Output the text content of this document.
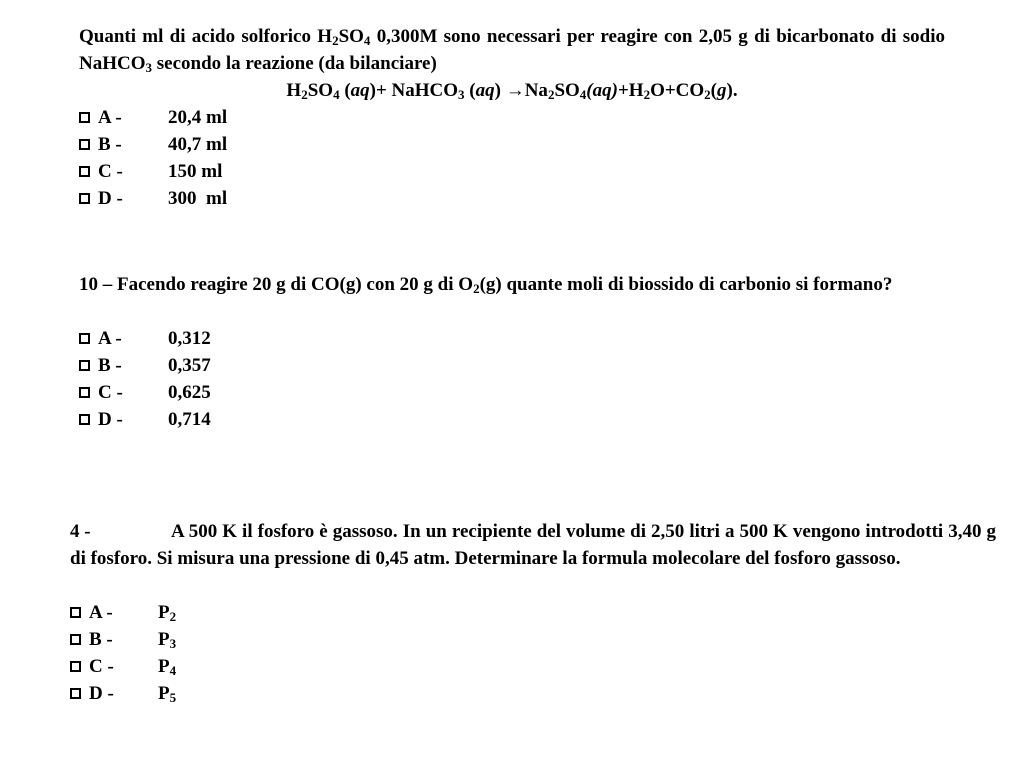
Quanti ml di acido solforico $H_2SO_4$ 0,300M sono necessari per reagire con 2,05 g di bicarbonato di sodio NaHCO$_3$ secondo la reazione (da bilanciare)

$H_2SO_4$ (aq)+ NaHCO$_3$ $(aq) \to Na_2SO_4(aq)+H_2O+CO_2(g)$.

A -	20,4 ml
B -	40,7 ml
C -	150 ml
D -	300  ml

10 – Facendo reagire 20 g di CO(g) con 20 g di $O_2(g)$ quante moli di biossido di carbonio si formano?

A -	0,312
B -	0,357
C -	0,625
D -	0,714

4 -	A 500 K il fosforo è gassoso. In un recipiente del volume di 2,50 litri a 500 K vengono introdotti 3,40 g di fosforo. Si misura una pressione di 0,45 atm. Determinare la formula molecolare del fosforo gassoso.

A -	$P_2$
B -	$P_3$
C -	$P_4$
D -	$P_5$
